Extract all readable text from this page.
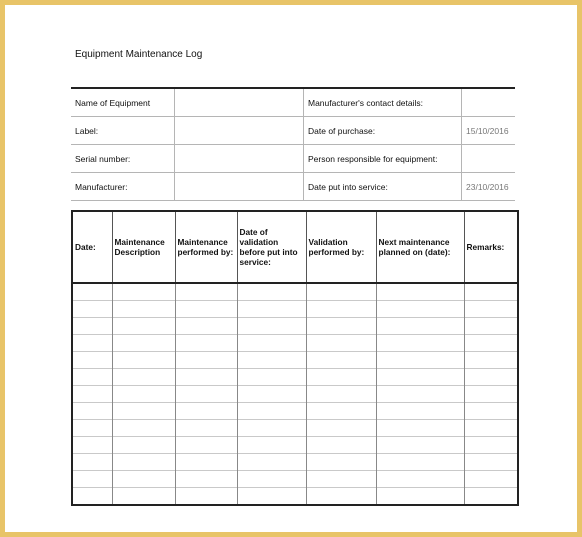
Equipment Maintenance Log
Name of Equipment		Manufacturer's contact details:	
Label:		Date of purchase:	15/10/2016
Serial number:		Person responsible for equipment:	
Manufacturer:		Date put into service:	23/10/2016
Date:	Maintenance Description	Maintenance performed by:	Date of validation before put into service:	Validation performed by:	Next maintenance planned on (date):	Remarks:
